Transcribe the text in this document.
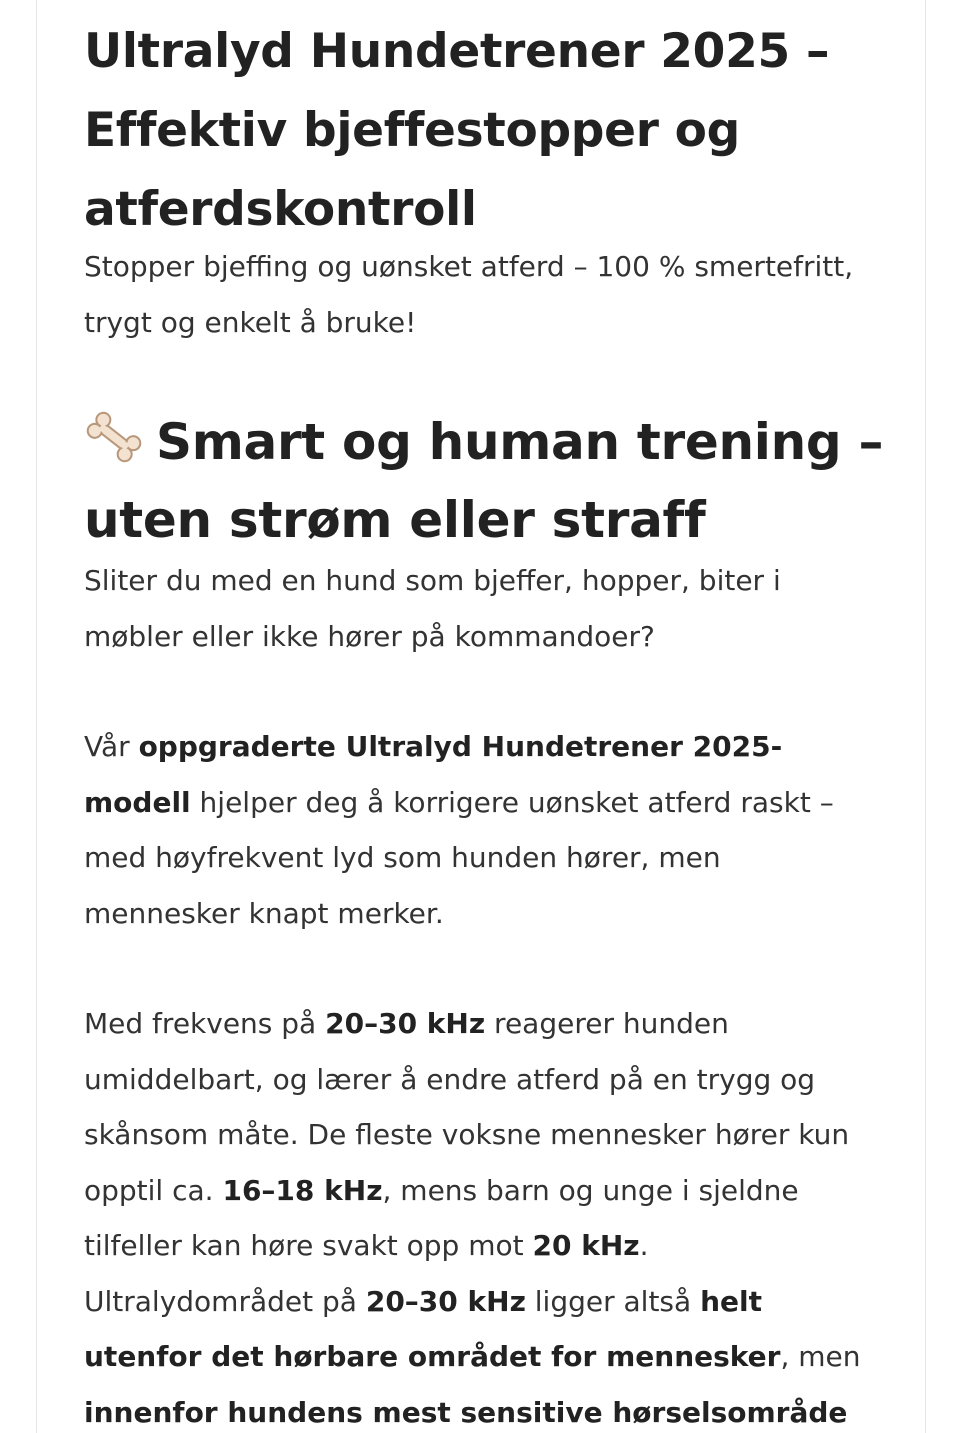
Ultralyd Hundetrener 2025 – Effektiv bjeffestopper og atferdskontroll

Stopper bjeffing og uønsket atferd – 100 % smertefritt, trygt og enkelt å bruke!

Smart og human trening – uten strøm eller straff

Sliter du med en hund som bjeffer, hopper, biter i møbler eller ikke hører på kommandoer?

Vår oppgraderte Ultralyd Hundetrener 2025-modell hjelper deg å korrigere uønsket atferd raskt – med høyfrekvent lyd som hunden hører, men mennesker knapt merker.

Med frekvens på 20–30 kHz reagerer hunden umiddelbart, og lærer å endre atferd på en trygg og skånsom måte. De fleste voksne mennesker hører kun opptil ca. 16–18 kHz, mens barn og unge i sjeldne tilfeller kan høre svakt opp mot 20 kHz. Ultralydområdet på 20–30 kHz ligger altså helt utenfor det hørbare området for mennesker, men innenfor hundens mest sensitive hørselsområde
